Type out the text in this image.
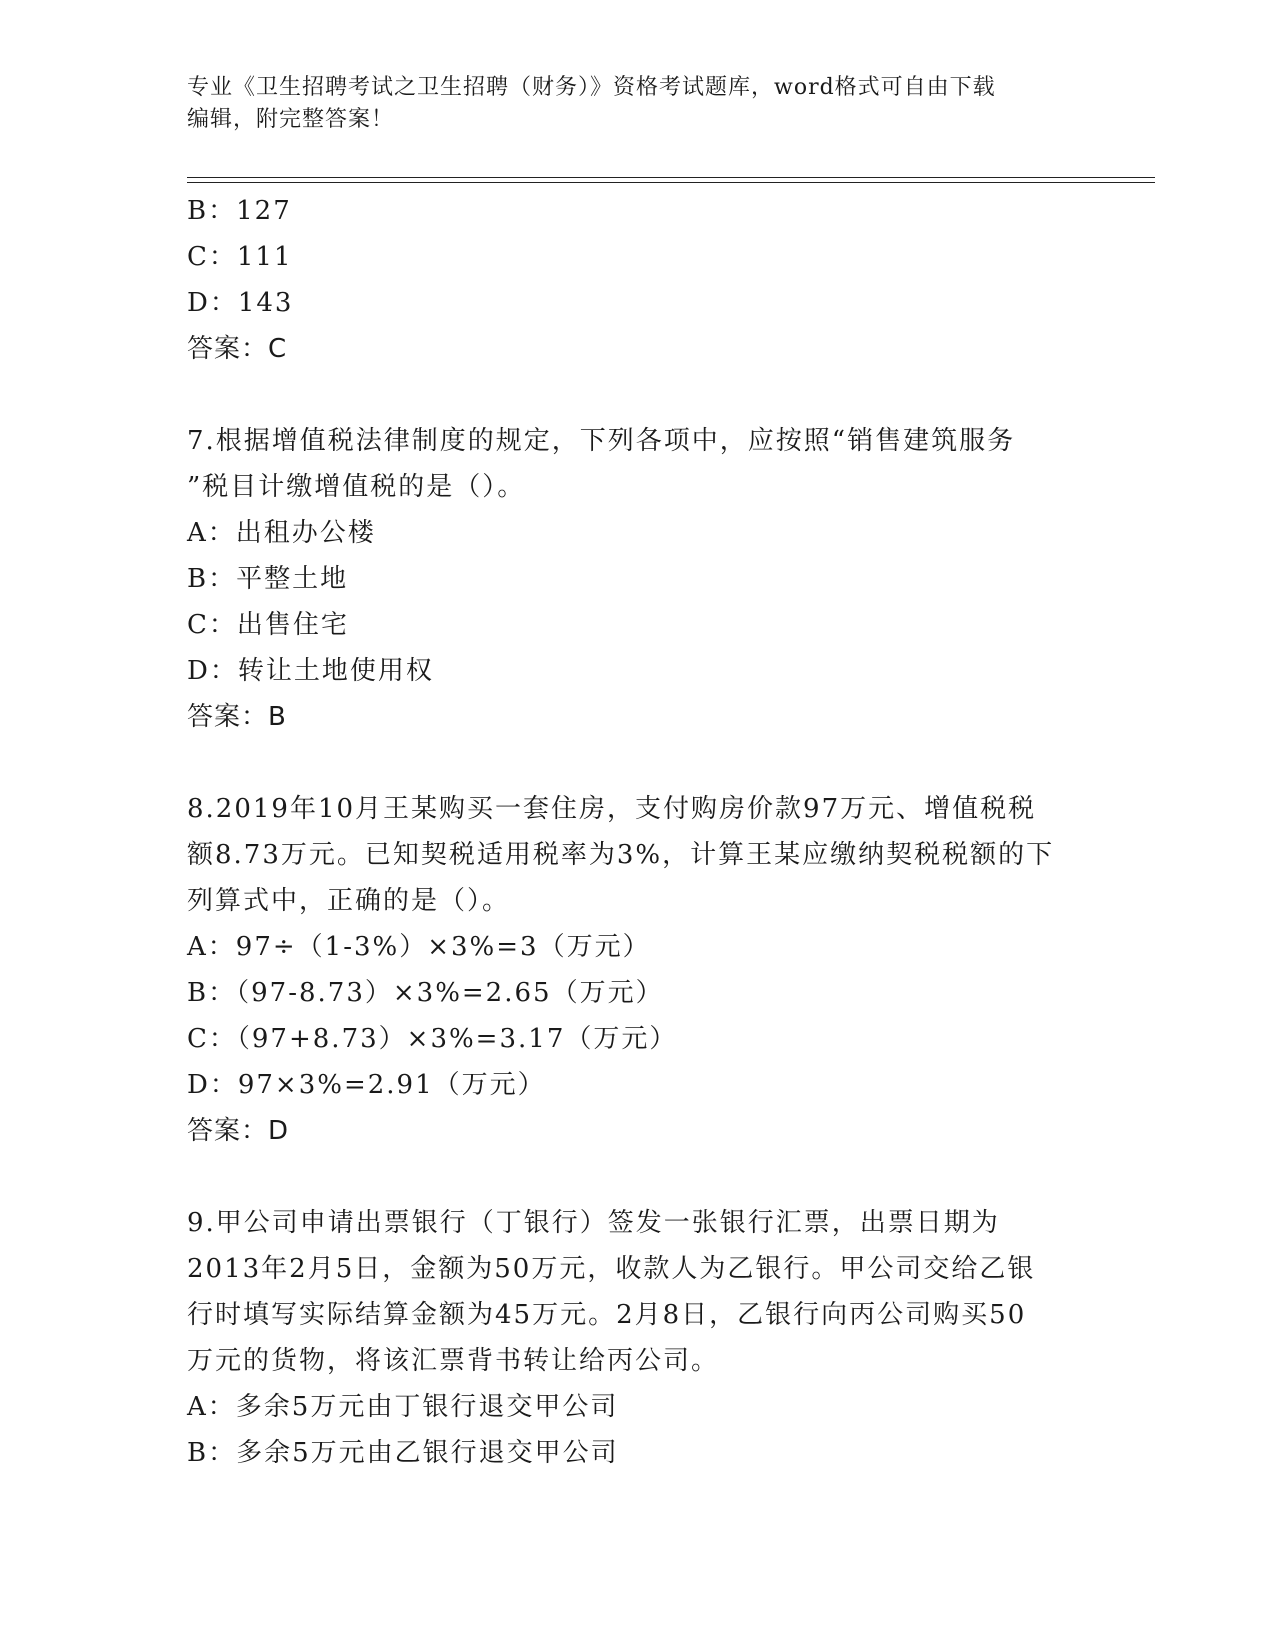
专业《卫生招聘考试之卫生招聘（财务）》资格考试题库，word格式可自由下载
编辑，附完整答案！
B：127
C：111
D：143
答案：C
7.根据增值税法律制度的规定，下列各项中，应按照“销售建筑服务
”税目计缴增值税的是（）。
A：出租办公楼
B：平整土地
C：出售住宅
D：转让土地使用权
答案：B
8.2019年10月王某购买一套住房，支付购房价款97万元、增值税税
额8.73万元。已知契税适用税率为3%，计算王某应缴纳契税税额的下
列算式中，正确的是（）。
A：97÷（1-3%）×3%=3（万元）
B：（97-8.73）×3%=2.65（万元）
C：（97+8.73）×3%=3.17（万元）
D：97×3%=2.91（万元）
答案：D
9.甲公司申请出票银行（丁银行）签发一张银行汇票，出票日期为
2013年2月5日，金额为50万元，收款人为乙银行。甲公司交给乙银
行时填写实际结算金额为45万元。2月8日，乙银行向丙公司购买50
万元的货物，将该汇票背书转让给丙公司。
A：多余5万元由丁银行退交甲公司
B：多余5万元由乙银行退交甲公司
